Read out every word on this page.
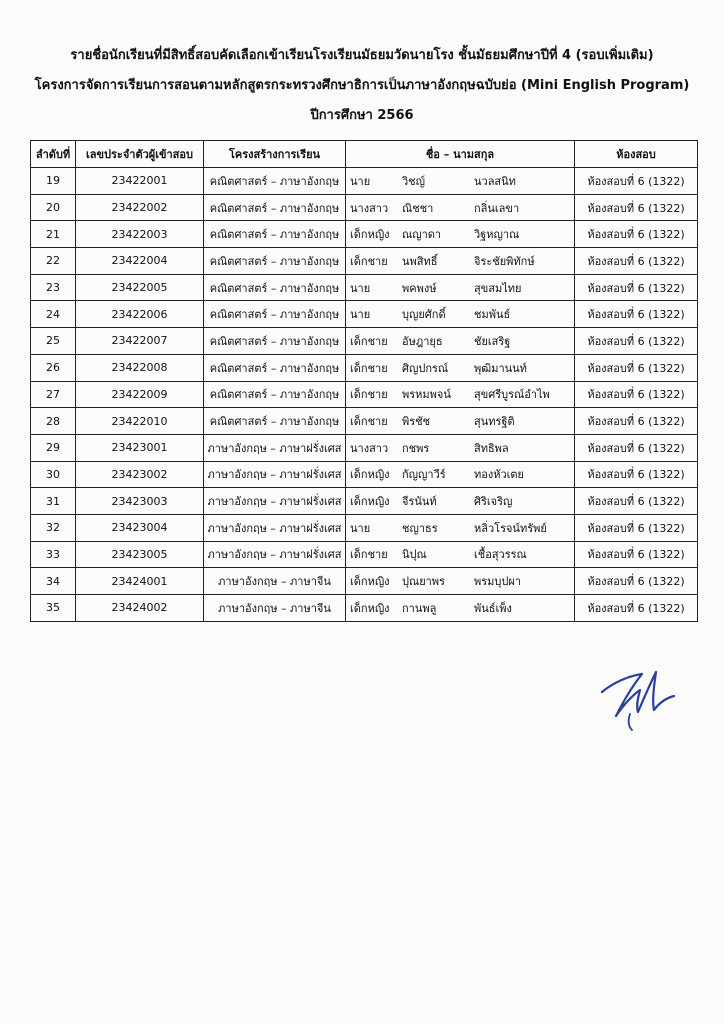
รายชื่อนักเรียนที่มีสิทธิ์สอบคัดเลือกเข้าเรียนโรงเรียนมัธยมวัดนายโรง ชั้นมัธยมศึกษาปีที่ 4 (รอบเพิ่มเติม)
โครงการจัดการเรียนการสอนตามหลักสูตรกระทรวงศึกษาธิการเป็นภาษาอังกฤษฉบับย่อ (Mini English Program)
ปีการศึกษา 2566
ลำดับที่	เลขประจำตัวผู้เข้าสอบ	โครงสร้างการเรียน	ชื่อ – นามสกุล	ห้องสอบ
19	23422001	คณิตศาสตร์ – ภาษาอังกฤษ	นาย วิชญ์ นวลสนิท	ห้องสอบที่ 6 (1322)
20	23422002	คณิตศาสตร์ – ภาษาอังกฤษ	นางสาว ณิชชา กลิ่นเลขา	ห้องสอบที่ 6 (1322)
21	23422003	คณิตศาสตร์ – ภาษาอังกฤษ	เด็กหญิง ณญาดา วิฐหญาณ	ห้องสอบที่ 6 (1322)
22	23422004	คณิตศาสตร์ – ภาษาอังกฤษ	เด็กชาย นพสิทธิ์ จิระชัยพิทักษ์	ห้องสอบที่ 6 (1322)
23	23422005	คณิตศาสตร์ – ภาษาอังกฤษ	นาย พคพงษ์ สุขสมไทย	ห้องสอบที่ 6 (1322)
24	23422006	คณิตศาสตร์ – ภาษาอังกฤษ	นาย บุญยศักดิ์ ชมพันธ์	ห้องสอบที่ 6 (1322)
25	23422007	คณิตศาสตร์ – ภาษาอังกฤษ	เด็กชาย อัษฎายุธ ชัยเสริฐ	ห้องสอบที่ 6 (1322)
26	23422008	คณิตศาสตร์ – ภาษาอังกฤษ	เด็กชาย ศิญปกรณ์ พุฒิมานนท์	ห้องสอบที่ 6 (1322)
27	23422009	คณิตศาสตร์ – ภาษาอังกฤษ	เด็กชาย พรหมพจน์ สุขศรีบูรณ์อำไพ	ห้องสอบที่ 6 (1322)
28	23422010	คณิตศาสตร์ – ภาษาอังกฤษ	เด็กชาย พิรชัช สุนทรฐิติ	ห้องสอบที่ 6 (1322)
29	23423001	ภาษาอังกฤษ – ภาษาฝรั่งเศส	นางสาว กชพร สิทธิพล	ห้องสอบที่ 6 (1322)
30	23423002	ภาษาอังกฤษ – ภาษาฝรั่งเศส	เด็กหญิง กัญญาวีร์ ทองหัวเตย	ห้องสอบที่ 6 (1322)
31	23423003	ภาษาอังกฤษ – ภาษาฝรั่งเศส	เด็กหญิง จีรนันท์ ศิริเจริญ	ห้องสอบที่ 6 (1322)
32	23423004	ภาษาอังกฤษ – ภาษาฝรั่งเศส	นาย ชญาธร หลิ่วโรจน์ทรัพย์	ห้องสอบที่ 6 (1322)
33	23423005	ภาษาอังกฤษ – ภาษาฝรั่งเศส	เด็กชาย นิปุณ เชื้อสุวรรณ	ห้องสอบที่ 6 (1322)
34	23424001	ภาษาอังกฤษ – ภาษาจีน	เด็กหญิง ปุณยาพร พรมบุปผา	ห้องสอบที่ 6 (1322)
35	23424002	ภาษาอังกฤษ – ภาษาจีน	เด็กหญิง กานพลู พันธ์เพ็ง	ห้องสอบที่ 6 (1322)
